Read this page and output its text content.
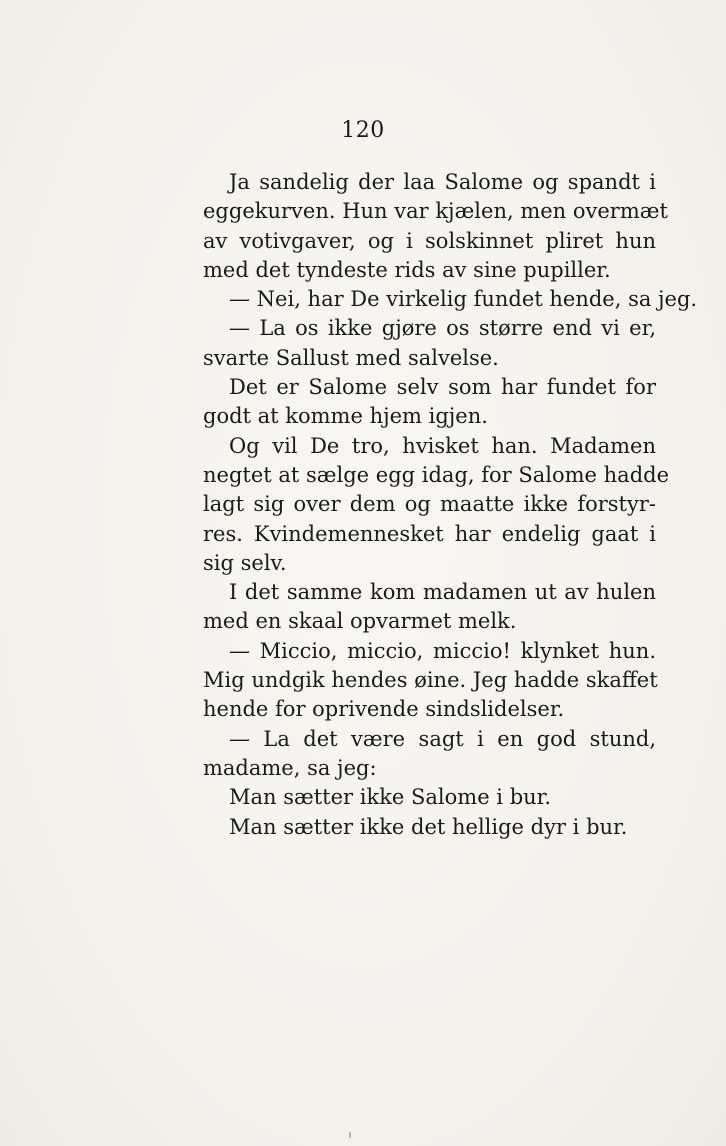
120
Ja sandelig der laa Salome og spandt i
eggekurven. Hun var kjælen, men overmæt
av votivgaver, og i solskinnet pliret hun
med det tyndeste rids av sine pupiller.
— Nei, har De virkelig fundet hende, sa jeg.
— La os ikke gjøre os større end vi er,
svarte Sallust med salvelse.
Det er Salome selv som har fundet for
godt at komme hjem igjen.
Og vil De tro, hvisket han. Madamen
negtet at sælge egg idag, for Salome hadde
lagt sig over dem og maatte ikke forstyr-
res. Kvindemennesket har endelig gaat i
sig selv.
I det samme kom madamen ut av hulen
med en skaal opvarmet melk.
— Miccio, miccio, miccio! klynket hun.
Mig undgik hendes øine. Jeg hadde skaffet
hende for oprivende sindslidelser.
— La det være sagt i en god stund,
madame, sa jeg:
Man sætter ikke Salome i bur.
Man sætter ikke det hellige dyr i bur.
